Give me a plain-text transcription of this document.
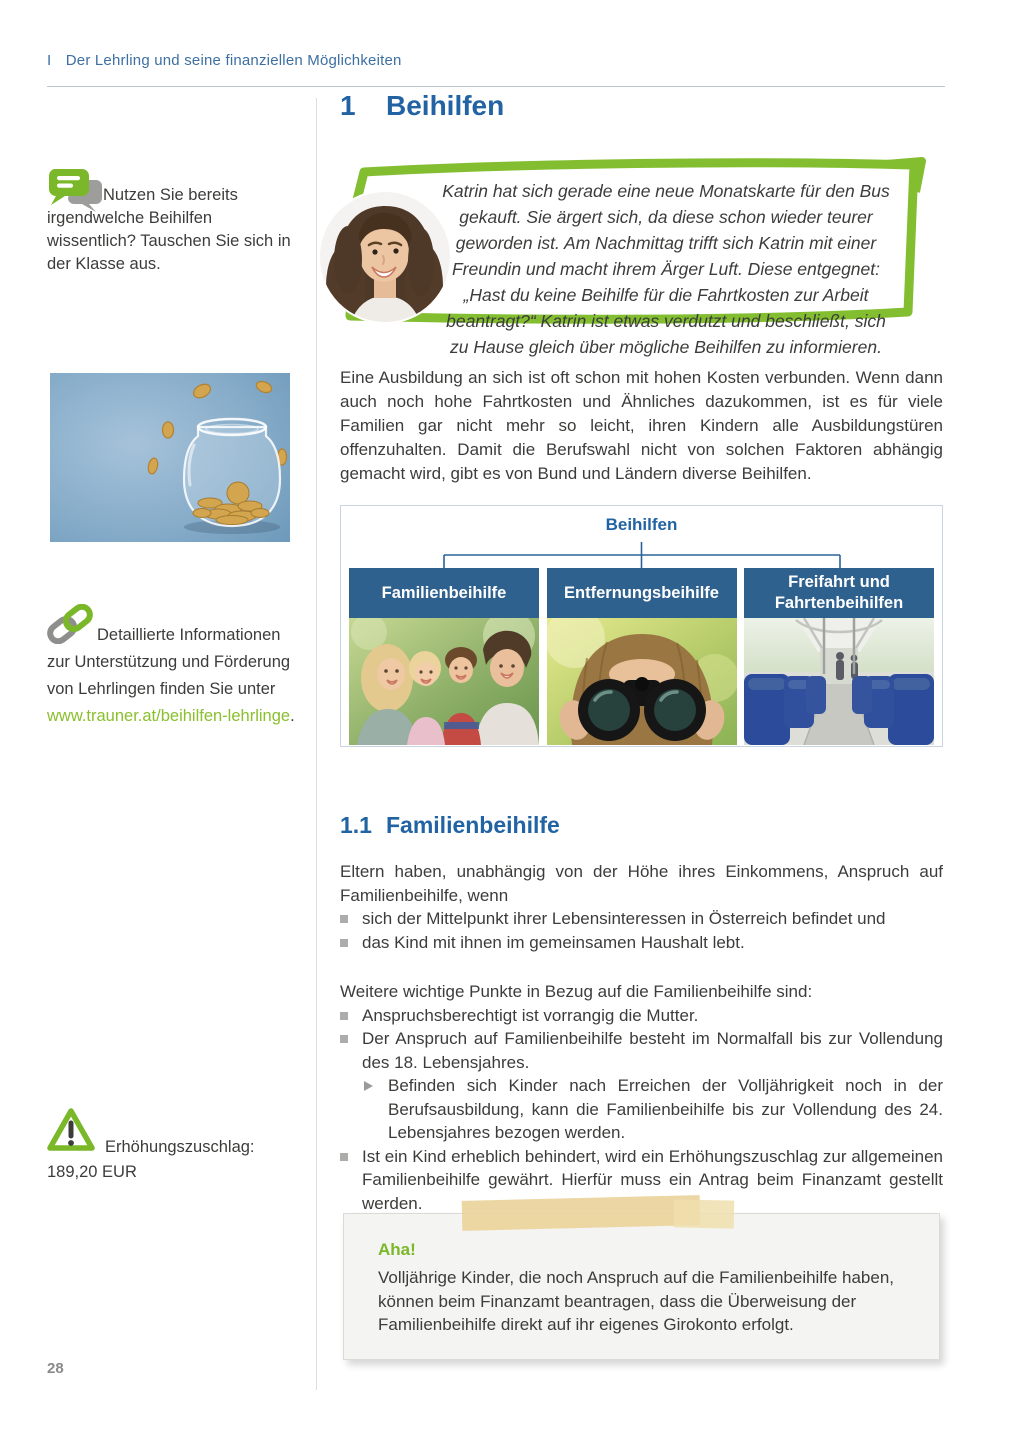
I Der Lehrling und seine finanziellen Möglichkeiten
1 Beihilfen
Katrin hat sich gerade eine neue Monatskarte für den Bus gekauft. Sie ärgert sich, da diese schon wieder teurer geworden ist. Am Nachmittag trifft sich Katrin mit einer Freundin und macht ihrem Ärger Luft. Diese entgegnet: „Hast du keine Beihilfe für die Fahrtkosten zur Arbeit beantragt?“ Katrin ist etwas verdutzt und beschließt, sich zu Hause gleich über mögliche Beihilfen zu informieren.
Nutzen Sie bereits irgendwelche Beihilfen wissentlich? Tauschen Sie sich in der Klasse aus.
Detaillierte Informationen zur Unterstützung und Förderung von Lehrlingen finden Sie unter www.trauner.at/beihilfen-lehrlinge.

Eine Ausbildung an sich ist oft schon mit hohen Kosten verbunden. Wenn dann auch noch hohe Fahrtkosten und Ähnliches dazukommen, ist es für viele Familien gar nicht mehr so leicht, ihren Kindern alle Ausbildungstüren offenzuhalten. Damit die Berufswahl nicht von solchen Faktoren abhängig gemacht wird, gibt es von Bund und Ländern diverse Beihilfen.

Beihilfen
Familienbeihilfe	Entfernungsbeihilfe
Freifahrt und Fahrtenbeihilfen
1.1 Familienbeihilfe

Eltern haben, unabhängig von der Höhe ihres Einkommens, Anspruch auf Familienbeihilfe, wenn

sich der Mittelpunkt ihrer Lebensinteressen in Österreich befindet und
das Kind mit ihnen im gemeinsamen Haushalt lebt.

Weitere wichtige Punkte in Bezug auf die Familienbeihilfe sind:

Anspruchsberechtigt ist vorrangig die Mutter.
Der Anspruch auf Familienbeihilfe besteht im Normalfall bis zur Vollendung des 18. Lebensjahres.
Befinden sich Kinder nach Erreichen der Volljährigkeit noch in der Berufsausbildung, kann die Familienbeihilfe bis zur Vollendung des 24. Lebensjahres bezogen werden.
Ist ein Kind erheblich behindert, wird ein Erhöhungszuschlag zur allgemeinen Familienbeihilfe gewährt. Hierfür muss ein Antrag beim Finanzamt gestellt werden.
Erhöhungszuschlag:
189,20 EUR

Aha!

Volljährige Kinder, die noch Anspruch auf die Familienbeihilfe haben, können beim Finanzamt beantragen, dass die Überweisung der Familienbeihilfe direkt auf ihr eigenes Girokonto erfolgt.
28
